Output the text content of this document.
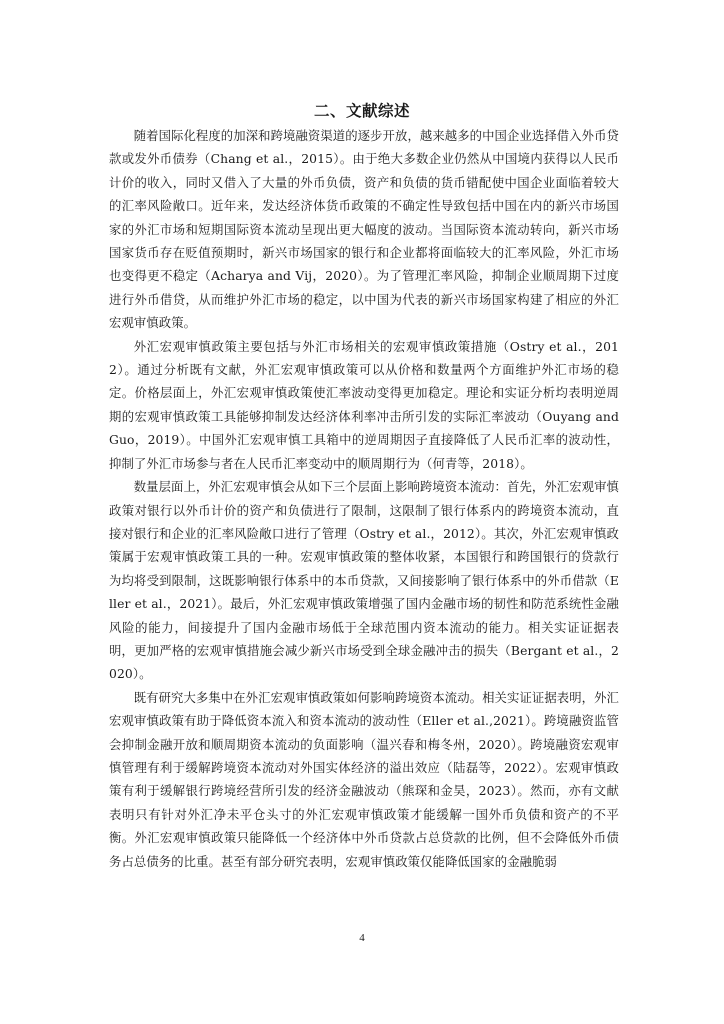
二、文献综述

随着国际化程度的加深和跨境融资渠道的逐步开放，越来越多的中国企业选择借入外币贷款或发外币债券（Chang et al.，2015）。由于绝大多数企业仍然从中国境内获得以人民币计价的收入，同时又借入了大量的外币负债，资产和负债的货币错配使中国企业面临着较大的汇率风险敞口。近年来，发达经济体货币政策的不确定性导致包括中国在内的新兴市场国家的外汇市场和短期国际资本流动呈现出更大幅度的波动。当国际资本流动转向，新兴市场国家货币存在贬值预期时，新兴市场国家的银行和企业都将面临较大的汇率风险，外汇市场也变得更不稳定（Acharya and Vij，2020）。为了管理汇率风险，抑制企业顺周期下过度进行外币借贷，从而维护外汇市场的稳定，以中国为代表的新兴市场国家构建了相应的外汇宏观审慎政策。

外汇宏观审慎政策主要包括与外汇市场相关的宏观审慎政策措施（Ostry et al.，2012）。通过分析既有文献，外汇宏观审慎政策可以从价格和数量两个方面维护外汇市场的稳定。价格层面上，外汇宏观审慎政策使汇率波动变得更加稳定。理论和实证分析均表明逆周期的宏观审慎政策工具能够抑制发达经济体利率冲击所引发的实际汇率波动（Ouyang and Guo，2019）。中国外汇宏观审慎工具箱中的逆周期因子直接降低了人民币汇率的波动性，抑制了外汇市场参与者在人民币汇率变动中的顺周期行为（何青等，2018）。

数量层面上，外汇宏观审慎会从如下三个层面上影响跨境资本流动：首先，外汇宏观审慎政策对银行以外币计价的资产和负债进行了限制，这限制了银行体系内的跨境资本流动，直接对银行和企业的汇率风险敞口进行了管理（Ostry et al.，2012）。其次，外汇宏观审慎政策属于宏观审慎政策工具的一种。宏观审慎政策的整体收紧，本国银行和跨国银行的贷款行为均将受到限制，这既影响银行体系中的本币贷款，又间接影响了银行体系中的外币借款（Eller et al.，2021）。最后，外汇宏观审慎政策增强了国内金融市场的韧性和防范系统性金融风险的能力，间接提升了国内金融市场低于全球范围内资本流动的能力。相关实证证据表明，更加严格的宏观审慎措施会减少新兴市场受到全球金融冲击的损失（Bergant et al.，2020）。

既有研究大多集中在外汇宏观审慎政策如何影响跨境资本流动。相关实证证据表明，外汇宏观审慎政策有助于降低资本流入和资本流动的波动性（Eller et al.,2021）。跨境融资监管会抑制金融开放和顺周期资本流动的负面影响（温兴春和梅冬州，2020）。跨境融资宏观审慎管理有利于缓解跨境资本流动对外国实体经济的溢出效应（陆磊等，2022）。宏观审慎政策有利于缓解银行跨境经营所引发的经济金融波动（熊琛和金昊，2023）。然而，亦有文献表明只有针对外汇净未平仓头寸的外汇宏观审慎政策才能缓解一国外币负债和资产的不平衡。外汇宏观审慎政策只能降低一个经济体中外币贷款占总贷款的比例，但不会降低外币债务占总债务的比重。甚至有部分研究表明，宏观审慎政策仅能降低国家的金融脆弱

4
